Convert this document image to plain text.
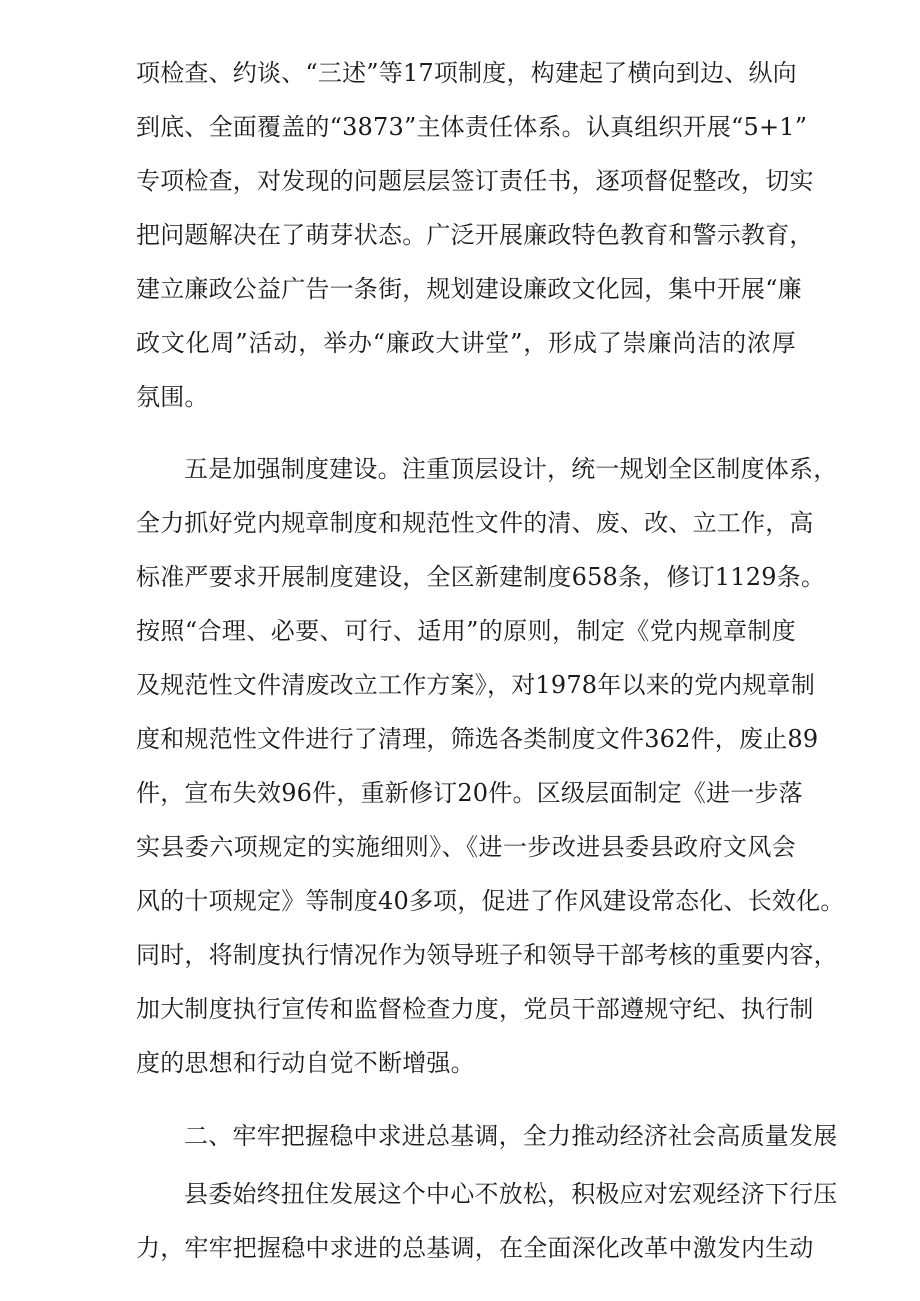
项检查、约谈、“三述”等17项制度，构建起了横向到边、纵向
到底、全面覆盖的“3873”主体责任体系。认真组织开展“5+1”
专项检查，对发现的问题层层签订责任书，逐项督促整改，切实
把问题解决在了萌芽状态。广泛开展廉政特色教育和警示教育，
建立廉政公益广告一条街，规划建设廉政文化园，集中开展“廉
政文化周”活动，举办“廉政大讲堂”，形成了崇廉尚洁的浓厚
氛围。
五是加强制度建设。注重顶层设计，统一规划全区制度体系，
全力抓好党内规章制度和规范性文件的清、废、改、立工作，高
标准严要求开展制度建设，全区新建制度658条，修订1129条。
按照“合理、必要、可行、适用”的原则，制定《党内规章制度
及规范性文件清废改立工作方案》，对1978年以来的党内规章制
度和规范性文件进行了清理，筛选各类制度文件362件，废止89
件，宣布失效96件，重新修订20件。区级层面制定《进一步落
实县委六项规定的实施细则》、《进一步改进县委县政府文风会
风的十项规定》等制度40多项，促进了作风建设常态化、长效化。
同时，将制度执行情况作为领导班子和领导干部考核的重要内容，
加大制度执行宣传和监督检查力度，党员干部遵规守纪、执行制
度的思想和行动自觉不断增强。
二、牢牢把握稳中求进总基调，全力推动经济社会高质量发展
县委始终扭住发展这个中心不放松，积极应对宏观经济下行压
力，牢牢把握稳中求进的总基调，在全面深化改革中激发内生动
